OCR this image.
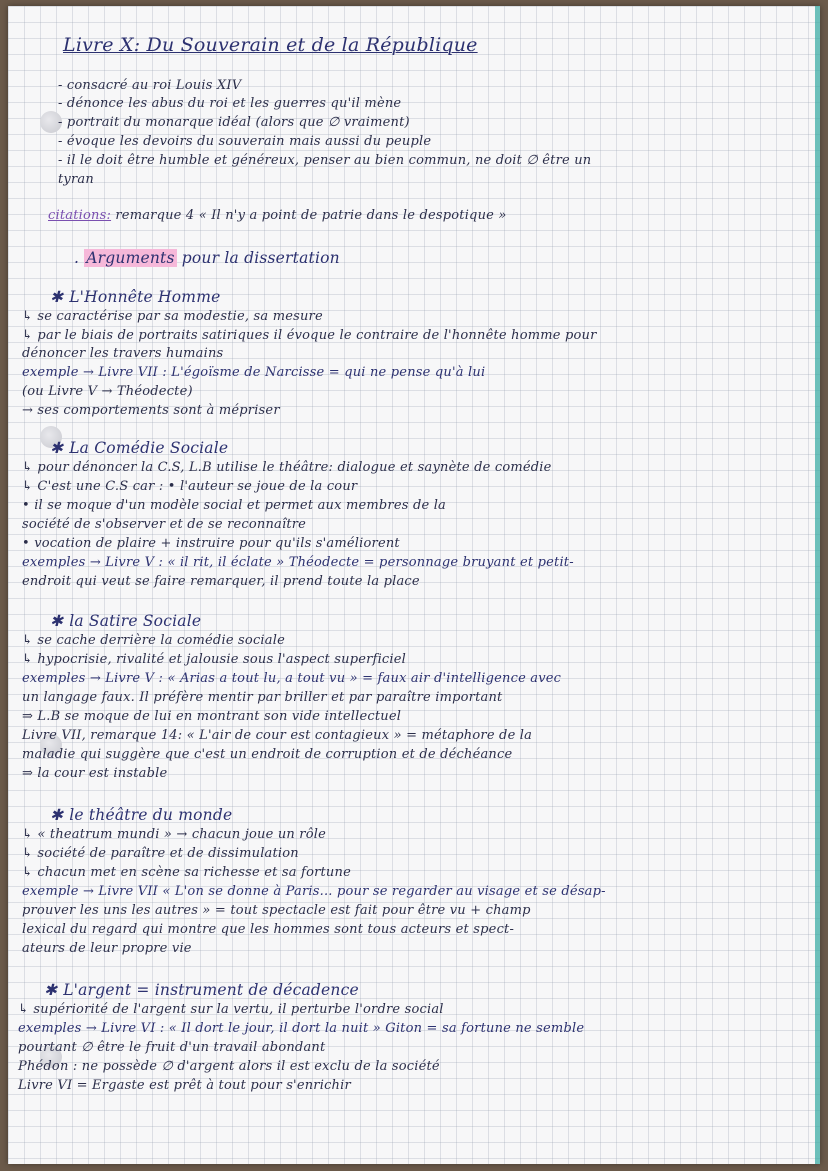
Livre X: Du Souverain et de la République
- consacré au roi Louis XIV
- dénonce les abus du roi et les guerres qu'il mène
- portrait du monarque idéal (alors que ∅ vraiment)
- évoque les devoirs du souverain mais aussi du peuple
- il le doit être humble et généreux, penser au bien commun, ne doit ∅ être un
tyran
citations: remarque 4 « Il n'y a point de patrie dans le despotique »
. Arguments pour la dissertation
✱ L'Honnête Homme
↳ se caractérise par sa modestie, sa mesure
↳ par le biais de portraits satiriques il évoque le contraire de l'honnête homme pour
dénoncer les travers humains
exemple → Livre VII : L'égoïsme de Narcisse = qui ne pense qu'à lui
(ou Livre V → Théodecte)
→ ses comportements sont à mépriser
✱ La Comédie Sociale
↳ pour dénoncer la C.S, L.B utilise le théâtre: dialogue et saynète de comédie
↳ C'est une C.S car : • l'auteur se joue de la cour
• il se moque d'un modèle social et permet aux membres de la
société de s'observer et de se reconnaître
• vocation de plaire + instruire pour qu'ils s'améliorent
exemples → Livre V : « il rit, il éclate » Théodecte = personnage bruyant et petit-
endroit qui veut se faire remarquer, il prend toute la place
✱ la Satire Sociale
↳ se cache derrière la comédie sociale
↳ hypocrisie, rivalité et jalousie sous l'aspect superficiel
exemples → Livre V : « Arias a tout lu, a tout vu » = faux air d'intelligence avec
un langage faux. Il préfère mentir par briller et par paraître important
⇒ L.B se moque de lui en montrant son vide intellectuel
Livre VII, remarque 14: « L'air de cour est contagieux » = métaphore de la
maladie qui suggère que c'est un endroit de corruption et de déchéance
⇒ la cour est instable
✱ le théâtre du monde
↳ « theatrum mundi » → chacun joue un rôle
↳ société de paraître et de dissimulation
↳ chacun met en scène sa richesse et sa fortune
exemple → Livre VII « L'on se donne à Paris... pour se regarder au visage et se désap-
prouver les uns les autres » = tout spectacle est fait pour être vu + champ
lexical du regard qui montre que les hommes sont tous acteurs et spect-
ateurs de leur propre vie
✱ L'argent = instrument de décadence
↳ supériorité de l'argent sur la vertu, il perturbe l'ordre social
exemples → Livre VI : « Il dort le jour, il dort la nuit » Giton = sa fortune ne semble
pourtant ∅ être le fruit d'un travail abondant
Phédon : ne possède ∅ d'argent alors il est exclu de la société
Livre VI = Ergaste est prêt à tout pour s'enrichir
